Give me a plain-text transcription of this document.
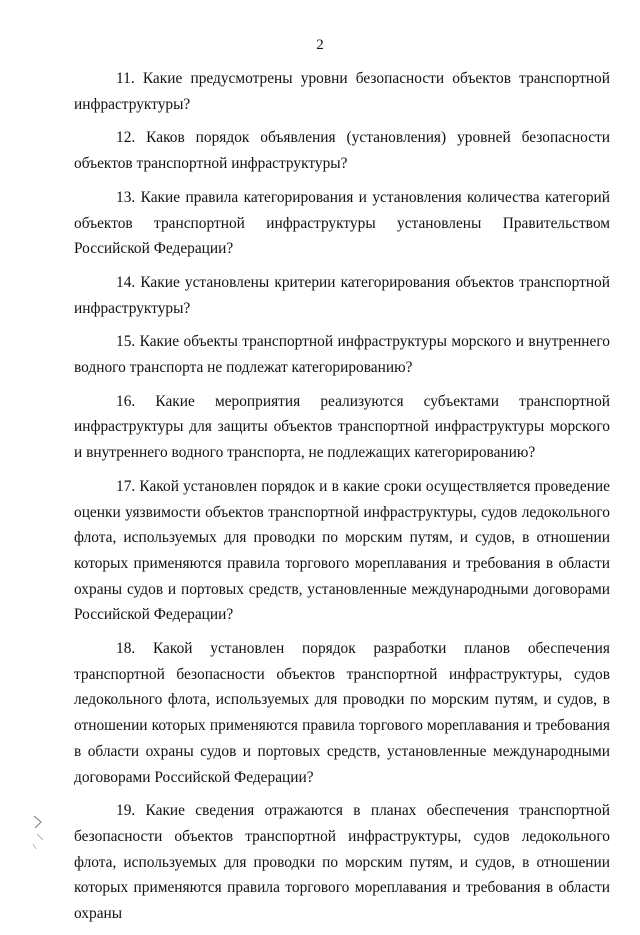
2

11. Какие предусмотрены уровни безопасности объектов транспортной инфраструктуры?

12. Каков порядок объявления (установления) уровней безопасности объектов транспортной инфраструктуры?

13. Какие правила категорирования и установления количества категорий объектов транспортной инфраструктуры установлены Правительством Российской Федерации?

14. Какие установлены критерии категорирования объектов транспортной инфраструктуры?

15. Какие объекты транспортной инфраструктуры морского и внутреннего водного транспорта не подлежат категорированию?

16. Какие мероприятия реализуются субъектами транспортной инфраструктуры для защиты объектов транспортной инфраструктуры морского и внутреннего водного транспорта, не подлежащих категорированию?

17. Какой установлен порядок и в какие сроки осуществляется проведение оценки уязвимости объектов транспортной инфраструктуры, судов ледокольного флота, используемых для проводки по морским путям, и судов, в отношении которых применяются правила торгового мореплавания и требования в области охраны судов и портовых средств, установленные международными договорами Российской Федерации?

18. Какой установлен порядок разработки планов обеспечения транспортной безопасности объектов транспортной инфраструктуры, судов ледокольного флота, используемых для проводки по морским путям, и судов, в отношении которых применяются правила торгового мореплавания и требования в области охраны судов и портовых средств, установленные международными договорами Российской Федерации?

19. Какие сведения отражаются в планах обеспечения транспортной безопасности объектов транспортной инфраструктуры, судов ледокольного флота, используемых для проводки по морским путям, и судов, в отношении которых применяются правила торгового мореплавания и требования в области охраны
